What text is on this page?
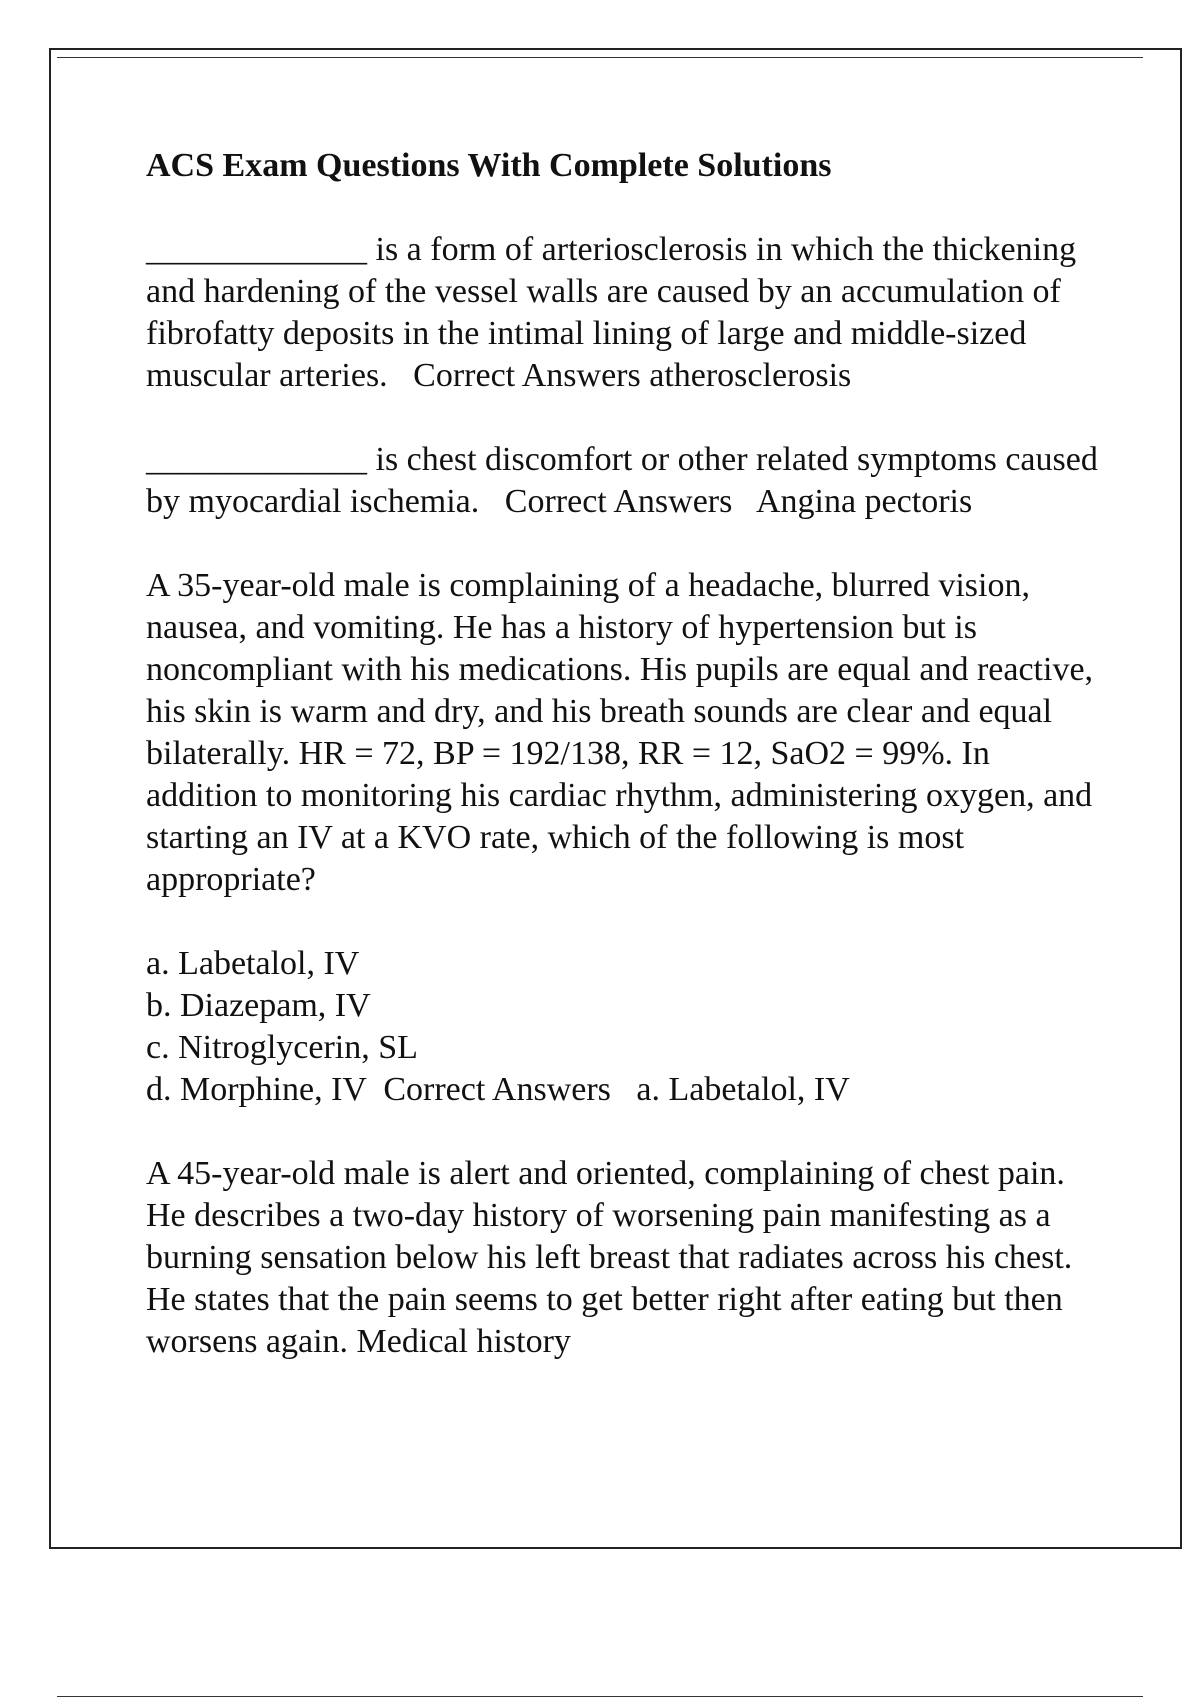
ACS Exam Questions With Complete Solutions
_____________ is a form of arteriosclerosis in which the thickening and hardening of the vessel walls are caused by an accumulation of fibrofatty deposits in the intimal lining of large and middle-sized muscular arteries. Correct Answers atherosclerosis
_____________ is chest discomfort or other related symptoms caused by myocardial ischemia. Correct Answers Angina pectoris
A 35-year-old male is complaining of a headache, blurred vision, nausea, and vomiting. He has a history of hypertension but is noncompliant with his medications. His pupils are equal and reactive, his skin is warm and dry, and his breath sounds are clear and equal bilaterally. HR = 72, BP = 192/138, RR = 12, SaO2 = 99%. In addition to monitoring his cardiac rhythm, administering oxygen, and starting an IV at a KVO rate, which of the following is most appropriate?
a. Labetalol, IV
b. Diazepam, IV
c. Nitroglycerin, SL
d. Morphine, IV Correct Answers a. Labetalol, IV
A 45-year-old male is alert and oriented, complaining of chest pain. He describes a two-day history of worsening pain manifesting as a burning sensation below his left breast that radiates across his chest. He states that the pain seems to get better right after eating but then worsens again. Medical history
